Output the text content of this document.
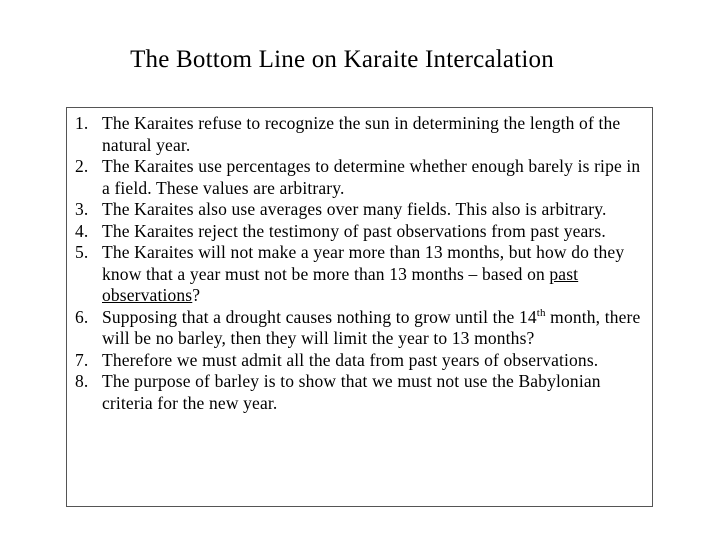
The Bottom Line on Karaite Intercalation
1. The Karaites refuse to recognize the sun in determining the length of the natural year.
2. The Karaites use percentages to determine whether enough barely is ripe in a field. These values are arbitrary.
3. The Karaites also use averages over many fields. This also is arbitrary.
4. The Karaites reject the testimony of past observations from past years.
5. The Karaites will not make a year more than 13 months, but how do they know that a year must not be more than 13 months – based on past observations?
6. Supposing that a drought causes nothing to grow until the 14th month, there will be no barley, then they will limit the year to 13 months?
7. Therefore we must admit all the data from past years of observations.
8. The purpose of barley is to show that we must not use the Babylonian criteria for the new year.
